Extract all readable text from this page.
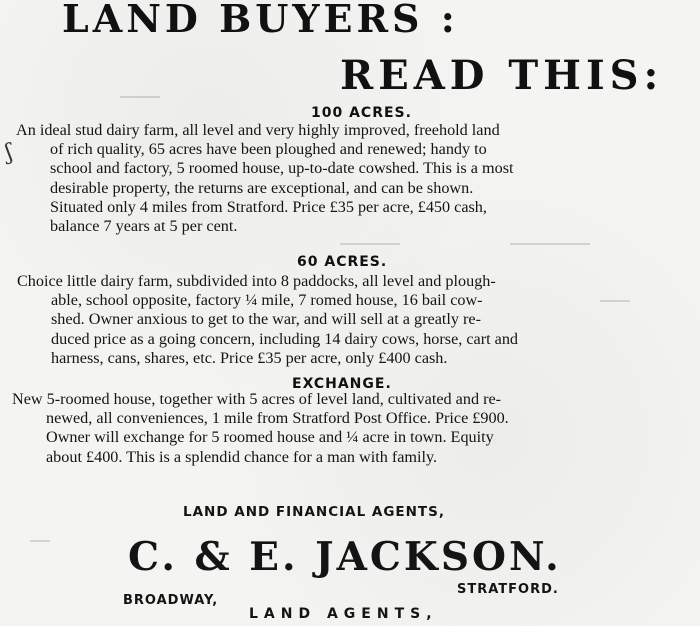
LAND BUYERS :
READ THIS:
ʃ
100 ACRES.
An ideal stud dairy farm, all level and very highly improved, freehold land
of rich quality, 65 acres have been ploughed and renewed; handy to
school and factory, 5 roomed house, up-to-date cowshed. This is a most
desirable property, the returns are exceptional, and can be shown.
Situated only 4 miles from Stratford. Price £35 per acre, £450 cash,
balance 7 years at 5 per cent.
60 ACRES.
Choice little dairy farm, subdivided into 8 paddocks, all level and plough-
able, school opposite, factory ¼ mile, 7 romed house, 16 bail cow-
shed. Owner anxious to get to the war, and will sell at a greatly re-
duced price as a going concern, including 14 dairy cows, horse, cart and
harness, cans, shares, etc. Price £35 per acre, only £400 cash.
EXCHANGE.
New 5-roomed house, together with 5 acres of level land, cultivated and re-
newed, all conveniences, 1 mile from Stratford Post Office. Price £900.
Owner will exchange for 5 roomed house and ¼ acre in town. Equity
about £400. This is a splendid chance for a man with family.
LAND AND FINANCIAL AGENTS,
C. & E. JACKSON.
BROADWAY,
STRATFORD.
LAND AGENTS,
